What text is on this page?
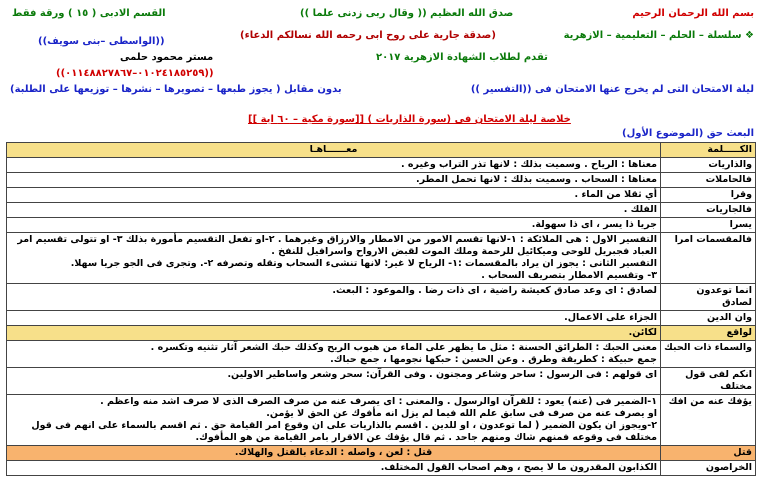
بسم الله الرحمان الرحيم
القسم الادبى ( ١٥ ) ورقة فقط	(( وقال ربى زدنى علما )) صدق الله العظيم
((الواسطى –بنى سويف))
❖ سلسلة – الحلم – التعليمية – الازهرية
(صدقة جارية على روح ابى رحمه الله نسالكم الدعاء)
مستر محمود حلمى	تقدم لطلاب الشهادة الازهرية ٢٠١٧
((٠١٠٢٤١٨٥٢٥٩–٠١١٤٨٨٢٧٨٦٧))
ليلة الامتحان التى لم يخرج عنها الامتحان فى ((التفسير ))
(يجوز طبعها – تصويرها – نشرها – توزيعها على الطلبة ) بدون مقابل
خلاصة ليلة الامتحان فى (سورة الذاريات ) [[سورة مكية – ٦٠ اية ]]
(الموضوع الأول) البعث حق
الكـــــلمة	معــــــاهـا
والذاريات	معناها : الرياح . وسميت بذلك : لانها تذر التراب وغيره .

فالحاملات	معناها : السحاب . وسميت بذلك : لانها تحمل المطر.

وقرا	أي ثقلا من الماء .

فالجاريات	الفلك .

يسرا	جريا ذا يسر ، اى ذا سهولة.

فالمقسمات امرا	التفسير الاول : هى الملائكة : ١-لانها تقسم الامور من الامطار والارزاق وغيرهما . ٢-او تفعل التقسيم مأمورة بذلك ٣- او تتولى تقسيم امر
العباد فجبريل للوحى وميكائيل للرحمة وملك الموت لقبض الارواح واسرافيل للنفخ .
التفسير الثانى : يجوز ان يراد بالمقسمات :١- الرياح لا غير: لانها تنشىء السحاب وتقله وتصرفه ٢-. وتجرى فى الجو جريا سهلا.
٣- وتقسيم الامطار بتصريف السحاب .

انما توعدون لصادق	لصادق : اى وعد صادق كعيشة راضية ، اى ذات رضا . والموعود : البعث.

وان الدين	الجزاء على الاعمال.

لواقع	لكائن.
والسماء ذات الحبك	معنى الحبك : الطرائق الحسنة : مثل ما يظهر على الماء من هبوب الريح وكذلك حبك الشعر آثار تثنيه وتكسره .
جمع حبيكة : كطريقة وطرق . وعن الحسن : حبكها نجومها ، جمع حباك.

انكم لفى قول مختلف	اى قولهم : فى الرسول : ساحر وشاعر ومجنون . وفى القرآن: سحر وشعر واساطير الاولين.

يؤفك عنه من افك	١-الضمير فى (عنه) يعود : للقرآن اوالرسول . والمعنى : اى يصرف عنه من صرف الصرف الذى لا صرف اشد منه واعظم .
او يصرف عنه من صرف فى سابق علم الله فيما لم يزل انه مأفوك عن الحق لا يؤمن.
٢-ويجوز ان يكون الضمير ( لما توعدون ، او للدين . اقسم بالذاريات على ان وقوع امر القيامة حق . ثم اقسم بالسماء على انهم فى قول
مختلف فى وقوعه فمنهم شاك ومنهم جاحد . ثم قال يؤفك عن الاقرار بامر القيامة من هو المأفوك.

قتل	قتل : لعن ، واصله : الدعاء بالقتل والهلاك.
الخراصون	الكذابون المقدرون ما لا يصح ، وهم اصحاب القول المختلف.
